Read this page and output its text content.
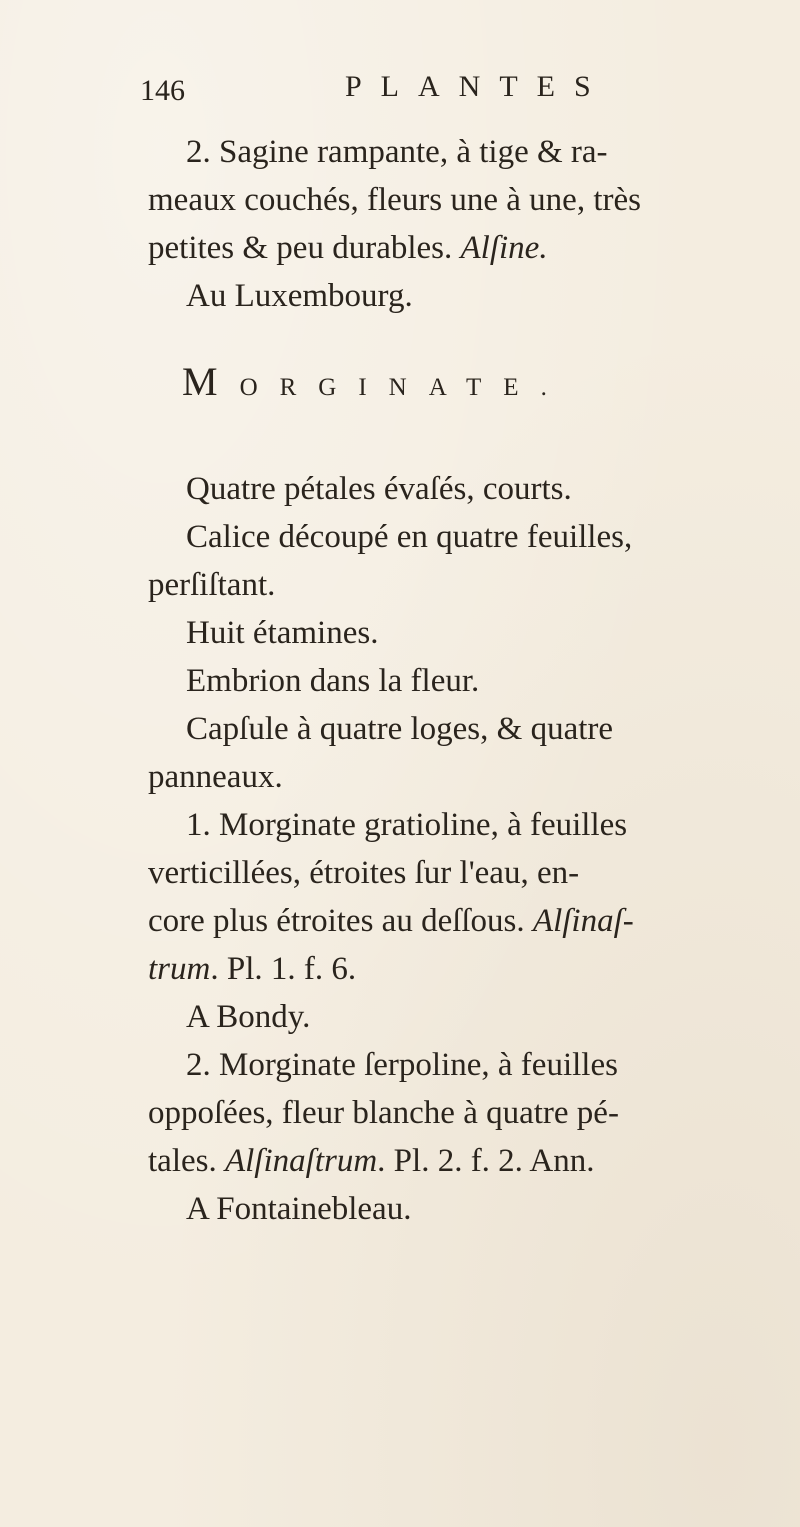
146	PLANTES

2. Sagine rampante, à tige & ra-

meaux couchés, fleurs une à une, très

petites & peu durables. Alſine.

Au Luxembourg.

MORGINATE.

Quatre pétales évaſés, courts.

Calice découpé en quatre feuilles,

perſiſtant.

Huit étamines.

Embrion dans la fleur.

Capſule à quatre loges, & quatre

panneaux.

1. Morginate gratioline, à feuilles

verticillées, étroites ſur l'eau, en-

core plus étroites au deſſous. Alſinaſ-

trum. Pl. 1. f. 6.

A Bondy.

2. Morginate ſerpoline, à feuilles

oppoſées, fleur blanche à quatre pé-

tales. Alſinaſtrum. Pl. 2. f. 2. Ann.

A Fontainebleau.
